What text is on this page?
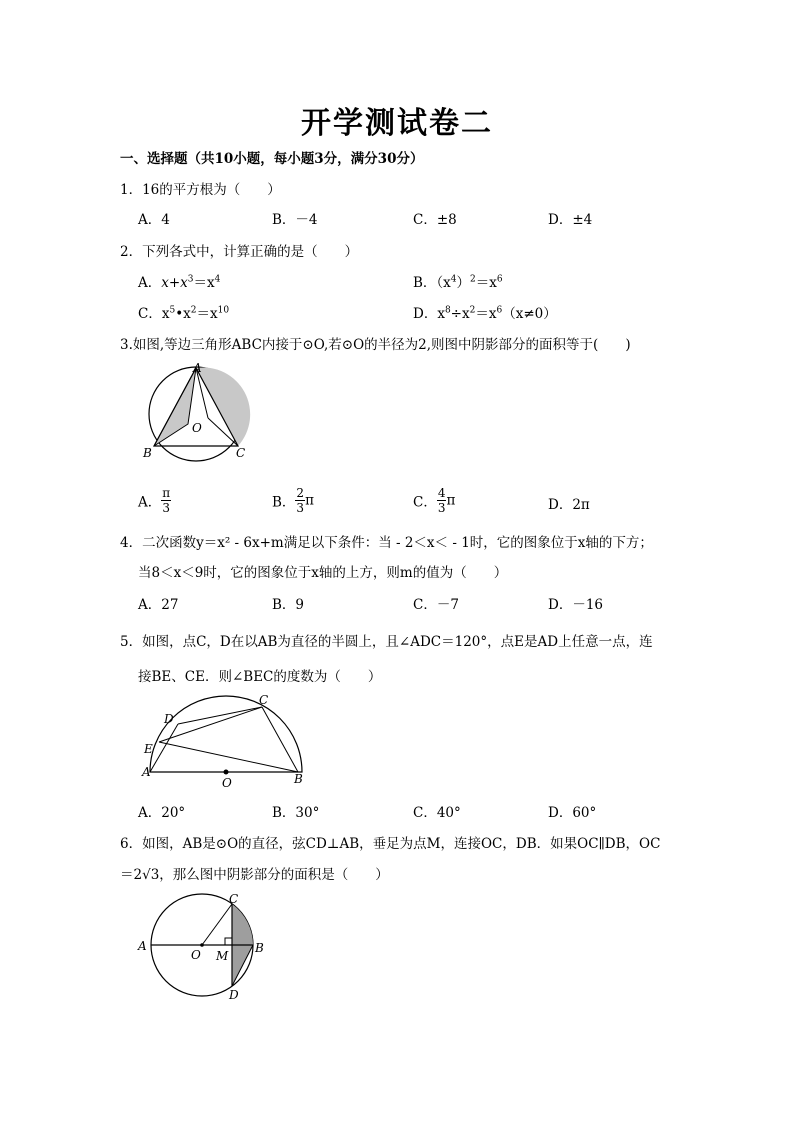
开学测试卷二
一、选择题（共10小题，每小题3分，满分30分）
1．16的平方根为（　　）
A．4	B．－4	C．±8	D．±4
2．下列各式中，计算正确的是（　　）
A．$x+x^3=x^4$	B．$(x^4)^2=x^6$
C．$x^5•x^2=x^{10}$	D．$x^8\div x^2=x^6(x\ne 0)$
3.如图,等边三角形ABC内接于⊙O,若⊙O的半径为2,则图中阴影部分的面积等于(　　)
A
B	C
O
A． $\frac{\pi}{3}$	B． $\frac{2}{3}$ π	C． $\frac{4}{3}$ π	D．2π
4．二次函数y＝x² - 6x+m满足以下条件：当 - 2＜x＜ - 1时，它的图象位于x轴的下方；
当8＜x＜9时，它的图象位于x轴的上方，则m的值为（　　）
A．27	B．9	C．－7	D．－16
5．如图，点C，D在以AB为直径的半圆上，且∠ADC＝120°，点E是AD上任意一点，连
接BE、CE．则∠BEC的度数为（　　）
A	B
C
D
E
O
A．20°	B．30°	C．40°	D．60°
6．如图，AB是⊙O的直径，弦CD⊥AB，垂足为点M，连接OC，DB．如果OC∥DB，OC
＝2√3，那么图中阴影部分的面积是（　　）
A	B
C
D
M
O
